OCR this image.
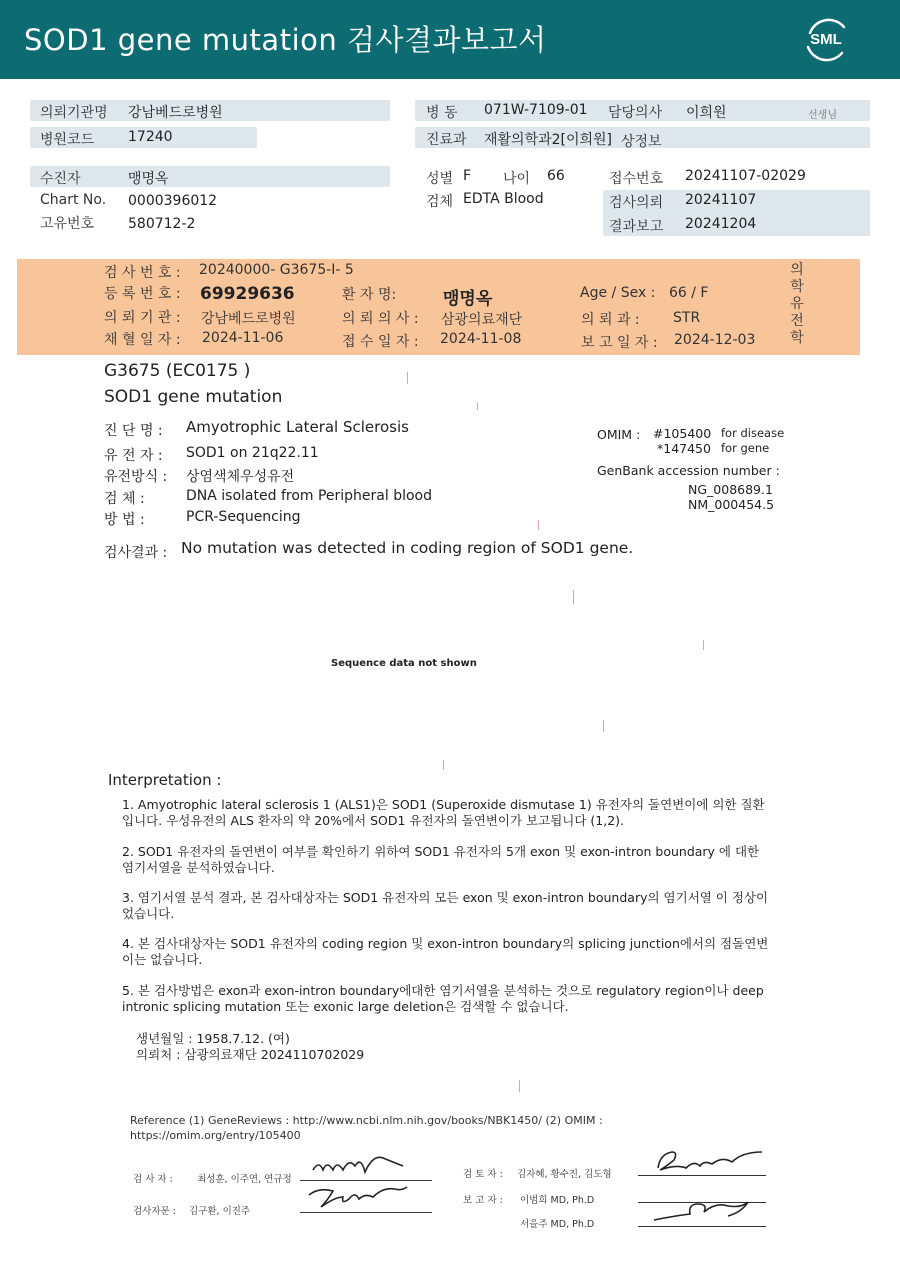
SOD1 gene mutation 검사결과보고서	SML
의뢰기관명 강남베드로병원	병 동 071W-7109-01 담당의사 이희원	선생님
병원코드 17240	진료과 재활의학과2[이희원] 상정보
수진자	맹명옥
Chart No. 0000396012
고유번호 580712-2
성별 F 나이 66
검체 EDTA Blood
접수번호 20241107-02029
검사의뢰 20241107
결과보고 20241204
검 사 번 호 : 20240000- G3675-I- 5
등 록 번 호 : 69929636	환 자 명:	맹명옥	Age / Sex : 66 / F
의 뢰 기 관 : 강남베드로병원	의 뢰 의 사 : 삼광의료재단	의 뢰 과 : STR
채 혈 일 자 : 2024-11-06	접 수 일 자 : 2024-11-08	보 고 일 자 : 2024-12-03
의학유전학
G3675 (EC0175 )
SOD1 gene mutation
진 단 명 : Amyotrophic Lateral Sclerosis
유 전 자 : SOD1 on 21q22.11
유전방식 : 상염색체우성유전
검 체 :	DNA isolated from Peripheral blood
방 법 :	PCR-Sequencing
OMIM : #105400 for disease
*147450 for gene
GenBank accession number :
NG_008689.1
NM_000454.5
검사결과 : No mutation was detected in coding region of SOD1 gene.
Sequence data not shown
Interpretation :
1. Amyotrophic lateral sclerosis 1 (ALS1)은 SOD1 (Superoxide dismutase 1) 유전자의 돌연변이에 의한 질환입니다. 우성유전의 ALS 환자의 약 20%에서 SOD1 유전자의 돌연변이가 보고됩니다 (1,2).
2. SOD1 유전자의 돌연변이 여부를 확인하기 위하여 SOD1 유전자의 5개 exon 및 exon-intron boundary 에 대한 염기서열을 분석하였습니다.
3. 염기서열 분석 결과, 본 검사대상자는 SOD1 유전자의 모든 exon 및 exon-intron boundary의 염기서열 이 정상이었습니다.
4. 본 검사대상자는 SOD1 유전자의 coding region 및 exon-intron boundary의 splicing junction에서의 점돌연변이는 없습니다.
5. 본 검사방법은 exon과 exon-intron boundary에대한 염기서열을 분석하는 것으로 regulatory region이나 deep intronic splicing mutation 또는 exonic large deletion은 검색할 수 없습니다.
생년월일 : 1958.7.12. (여)
의뢰처 : 삼광의료재단 2024110702029
Reference (1) GeneReviews : http://www.ncbi.nlm.nih.gov/books/NBK1450/ (2) OMIM :
https://omim.org/entry/105400
검 사 자 :	최성훈, 이주연, 연규정
검사자문 : 김구환, 이진주
검 토 자 : 김자혜, 황수진, 김도형
보 고 자 : 이범희 MD, Ph.D
서을주 MD, Ph.D
